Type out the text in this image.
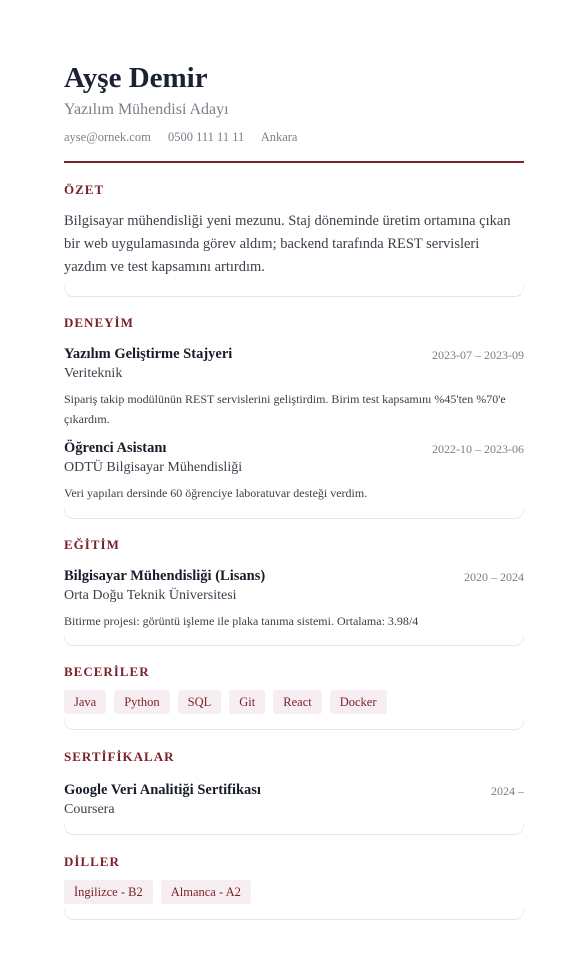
Ayşe Demir
Yazılım Mühendisi Adayı
ayse@ornek.com 0500 111 11 11 Ankara
ÖZET
Bilgisayar mühendisliği yeni mezunu. Staj döneminde üretim ortamına çıkan bir web uygulamasında görev aldım; backend tarafında REST servisleri yazdım ve test kapsamını artırdım.
DENEYİM
Yazılım Geliştirme Stajyeri	2023-07 – 2023-09
Veriteknik
Sipariş takip modülünün REST servislerini geliştirdim. Birim test kapsamını %45'ten %70'e çıkardım.
Öğrenci Asistanı	2022-10 – 2023-06
ODTÜ Bilgisayar Mühendisliği
Veri yapıları dersinde 60 öğrenciye laboratuvar desteği verdim.
EĞİTİM
Bilgisayar Mühendisliği (Lisans)	2020 – 2024
Orta Doğu Teknik Üniversitesi
Bitirme projesi: görüntü işleme ile plaka tanıma sistemi. Ortalama: 3.98/4
BECERİLER
Java	Python	SQL	Git	React	Docker
SERTİFİKALAR
Google Veri Analitiği Sertifikası	2024 –
Coursera
DİLLER
İngilizce - B2	Almanca - A2
